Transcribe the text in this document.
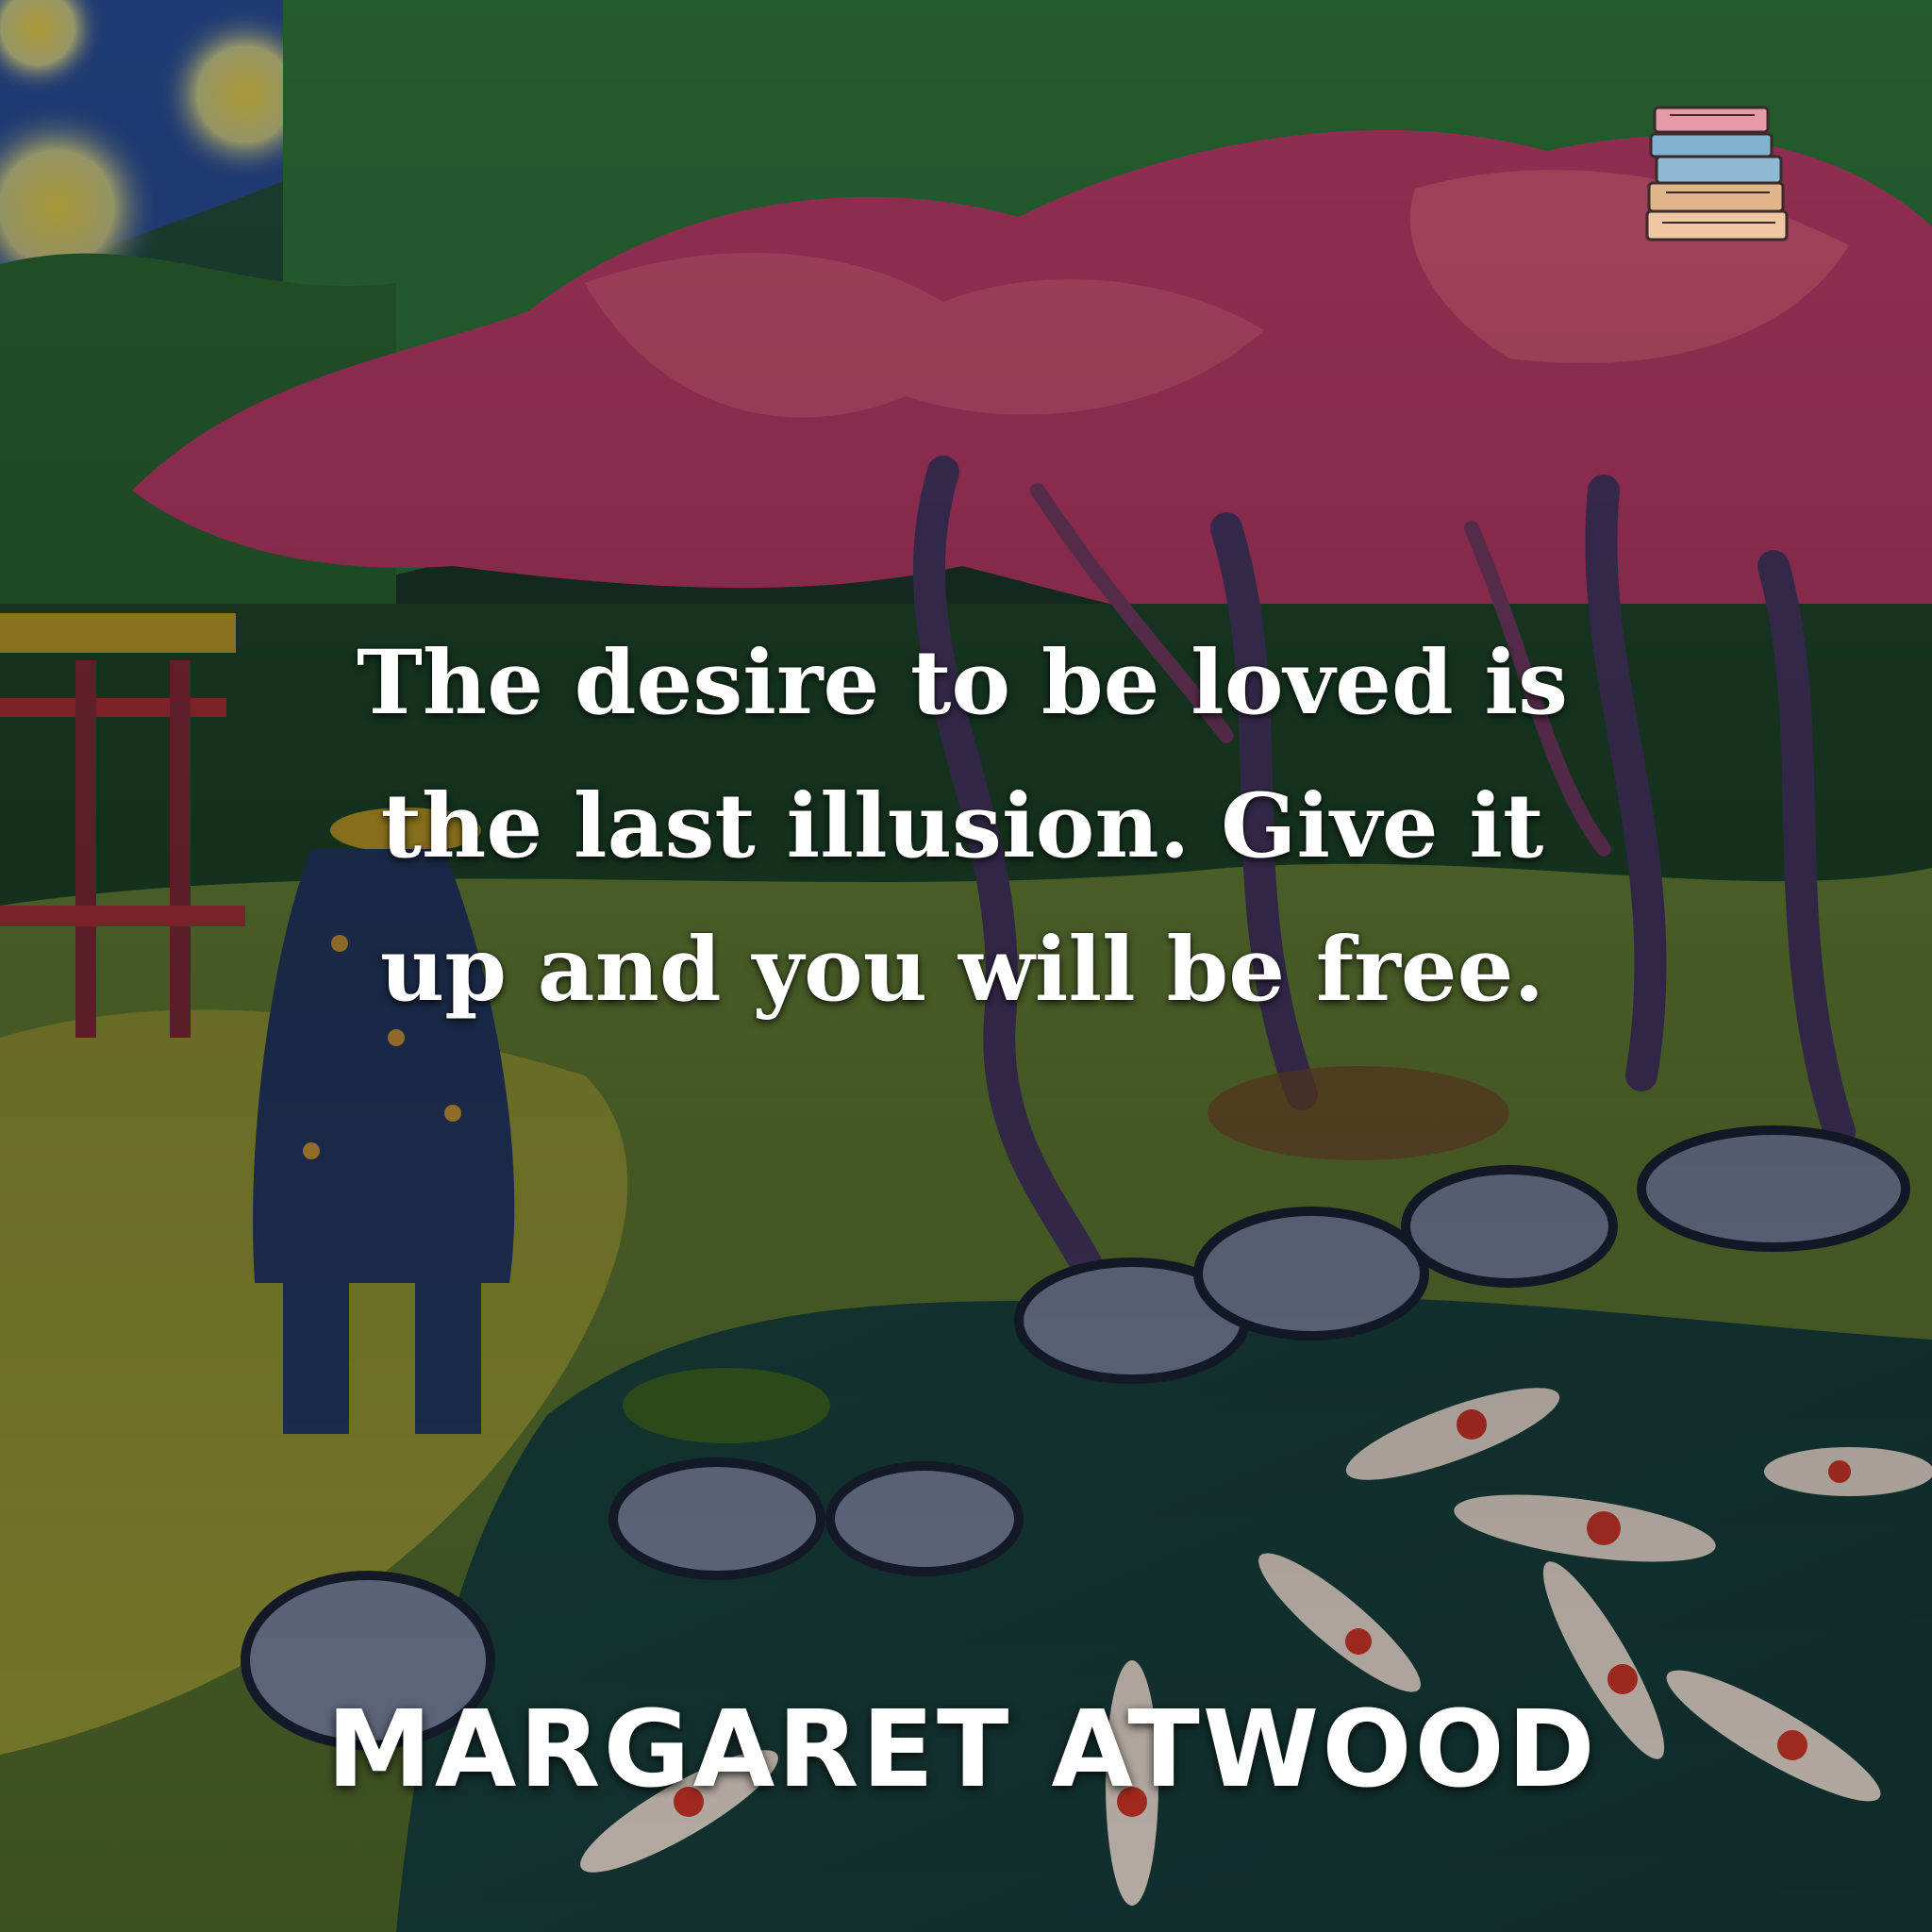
The desire to be loved is
the last illusion. Give it
up and you will be free.

MARGARET ATWOOD
